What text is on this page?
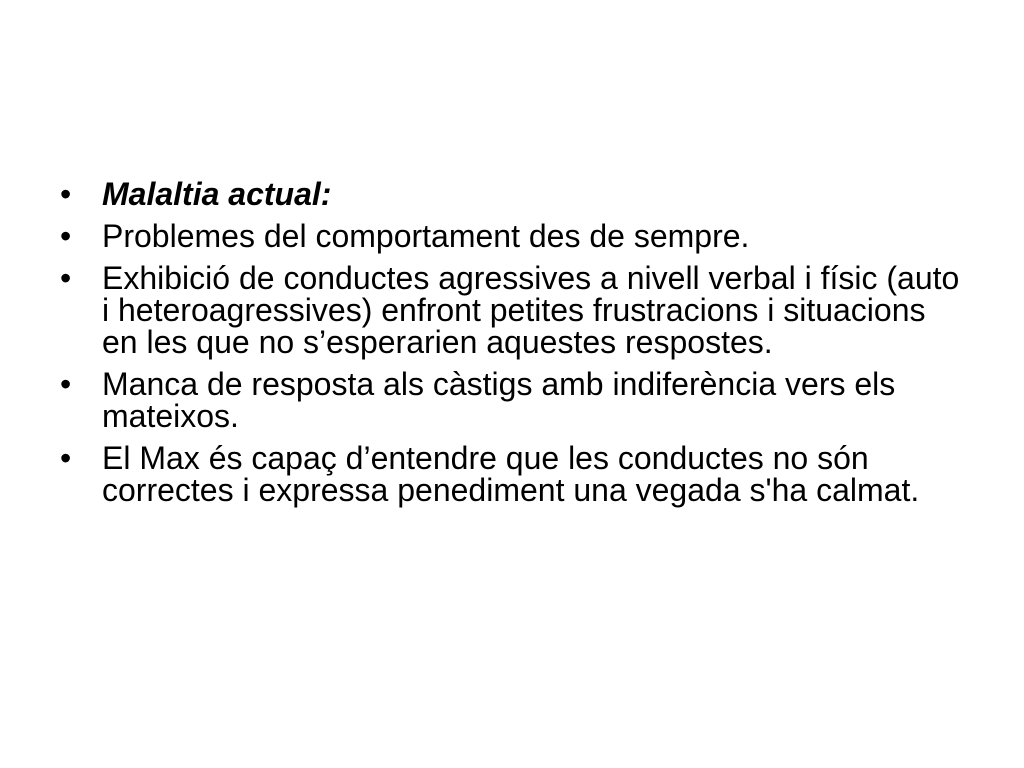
• Malaltia actual:
• Problemes del comportament des de sempre.
• Exhibició de conductes agressives a nivell verbal i físic (auto i heteroagressives) enfront petites frustracions i situacions en les que no s’esperarien aquestes respostes.
• Manca de resposta als càstigs amb indiferència vers els mateixos.
• El Max és capaç d’entendre que les conductes no són correctes i expressa penediment una vegada s'ha calmat.
